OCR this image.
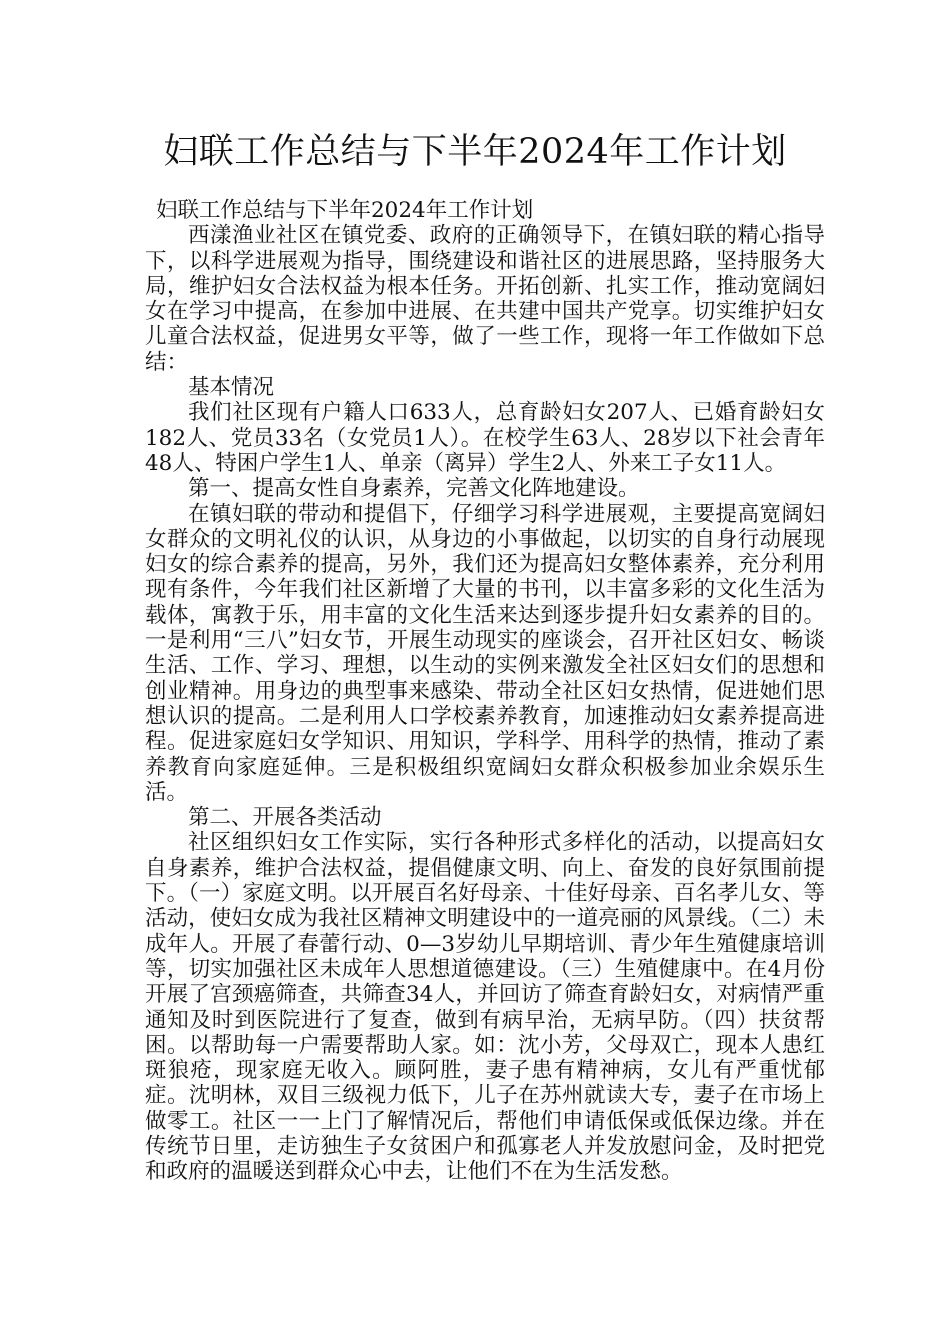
妇联工作总结与下半年2024年工作计划

妇联工作总结与下半年2024年工作计划

西漾渔业社区在镇党委、政府的正确领导下，在镇妇联的精心指导下，以科学进展观为指导，围绕建设和谐社区的进展思路，坚持服务大局，维护妇女合法权益为根本任务。开拓创新、扎实工作，推动宽阔妇女在学习中提高，在参加中进展、在共建中国共产党享。切实维护妇女儿童合法权益，促进男女平等，做了一些工作，现将一年工作做如下总结：

基本情况

我们社区现有户籍人口633人，总育龄妇女207人、已婚育龄妇女182人、党员33名（女党员1人）。在校学生63人、28岁以下社会青年48人、特困户学生1人、单亲（离异）学生2人、外来工子女11人。

第一、提高女性自身素养，完善文化阵地建设。

在镇妇联的带动和提倡下，仔细学习科学进展观，主要提高宽阔妇女群众的文明礼仪的认识，从身边的小事做起，以切实的自身行动展现妇女的综合素养的提高，另外，我们还为提高妇女整体素养，充分利用现有条件，今年我们社区新增了大量的书刊，以丰富多彩的文化生活为载体，寓教于乐，用丰富的文化生活来达到逐步提升妇女素养的目的。一是利用“三八”妇女节，开展生动现实的座谈会，召开社区妇女、畅谈生活、工作、学习、理想，以生动的实例来激发全社区妇女们的思想和创业精神。用身边的典型事来感染、带动全社区妇女热情，促进她们思想认识的提高。二是利用人口学校素养教育，加速推动妇女素养提高进程。促进家庭妇女学知识、用知识，学科学、用科学的热情，推动了素养教育向家庭延伸。三是积极组织宽阔妇女群众积极参加业余娱乐生活。

第二、开展各类活动

社区组织妇女工作实际，实行各种形式多样化的活动，以提高妇女自身素养，维护合法权益，提倡健康文明、向上、奋发的良好氛围前提下。（一）家庭文明。以开展百名好母亲、十佳好母亲、百名孝儿女、等活动，使妇女成为我社区精神文明建设中的一道亮丽的风景线。（二）未成年人。开展了春蕾行动、0—3岁幼儿早期培训、青少年生殖健康培训等，切实加强社区未成年人思想道德建设。（三）生殖健康中。在4月份开展了宫颈癌筛查，共筛查34人，并回访了筛查育龄妇女，对病情严重通知及时到医院进行了复查，做到有病早治，无病早防。（四）扶贫帮困。以帮助每一户需要帮助人家。如：沈小芳，父母双亡，现本人患红斑狼疮，现家庭无收入。顾阿胜，妻子患有精神病，女儿有严重忧郁症。沈明林，双目三级视力低下，儿子在苏州就读大专，妻子在市场上做零工。社区一一上门了解情况后，帮他们申请低保或低保边缘。并在传统节日里，走访独生子女贫困户和孤寡老人并发放慰问金，及时把党和政府的温暖送到群众心中去，让他们不在为生活发愁。
